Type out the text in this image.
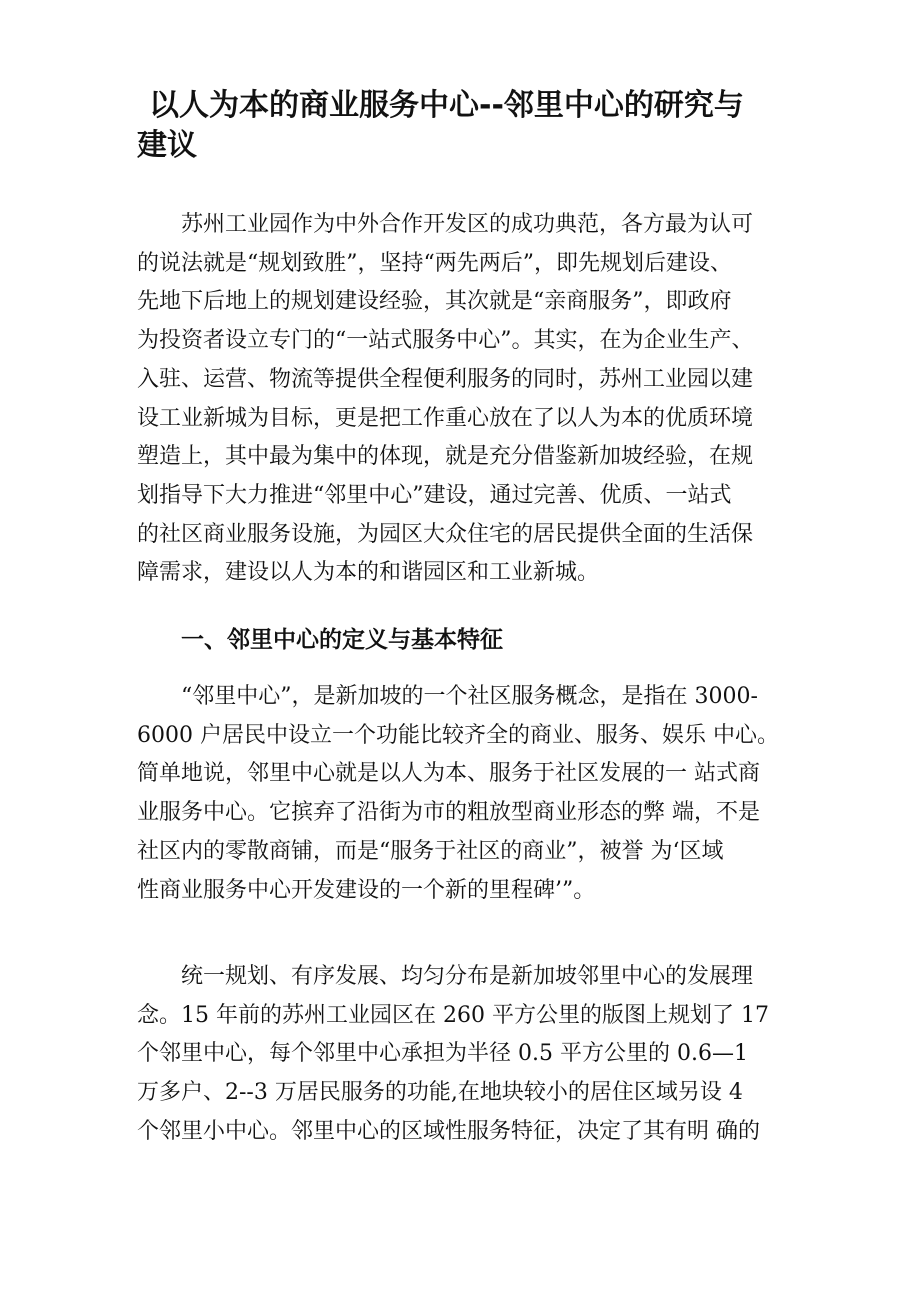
以人为本的商业服务中心--邻里中心的研究与
建议

苏州工业园作为中外合作开发区的成功典范，各方最为认可
的说法就是“规划致胜”，坚持“两先两后”，即先规划后建设、
先地下后地上的规划建设经验，其次就是“亲商服务”，即政府
为投资者设立专门的“一站式服务中心”。其实，在为企业生产、
入驻、运营、物流等提供全程便利服务的同时，苏州工业园以建
设工业新城为目标，更是把工作重心放在了以人为本的优质环境
塑造上，其中最为集中的体现，就是充分借鉴新加坡经验，在规
划指导下大力推进“邻里中心”建设，通过完善、优质、一站式
的社区商业服务设施，为园区大众住宅的居民提供全面的生活保
障需求，建设以人为本的和谐园区和工业新城。

一、邻里中心的定义与基本特征

“邻里中心”，是新加坡的一个社区服务概念，是指在 3000-
6000 户居民中设立一个功能比较齐全的商业、服务、娱乐 中心。
简单地说，邻里中心就是以人为本、服务于社区发展的一 站式商
业服务中心。它摈弃了沿街为市的粗放型商业形态的弊 端，不是
社区内的零散商铺，而是“服务于社区的商业”，被誉 为‘区域
性商业服务中心开发建设的一个新的里程碑’”。

统一规划、有序发展、均匀分布是新加坡邻里中心的发展理
念。15 年前的苏州工业园区在 260 平方公里的版图上规划了 17
个邻里中心，每个邻里中心承担为半径 0.5 平方公里的 0.6—1
万多户、2--3 万居民服务的功能,在地块较小的居住区域另设 4
个邻里小中心。邻里中心的区域性服务特征，决定了其有明 确的
